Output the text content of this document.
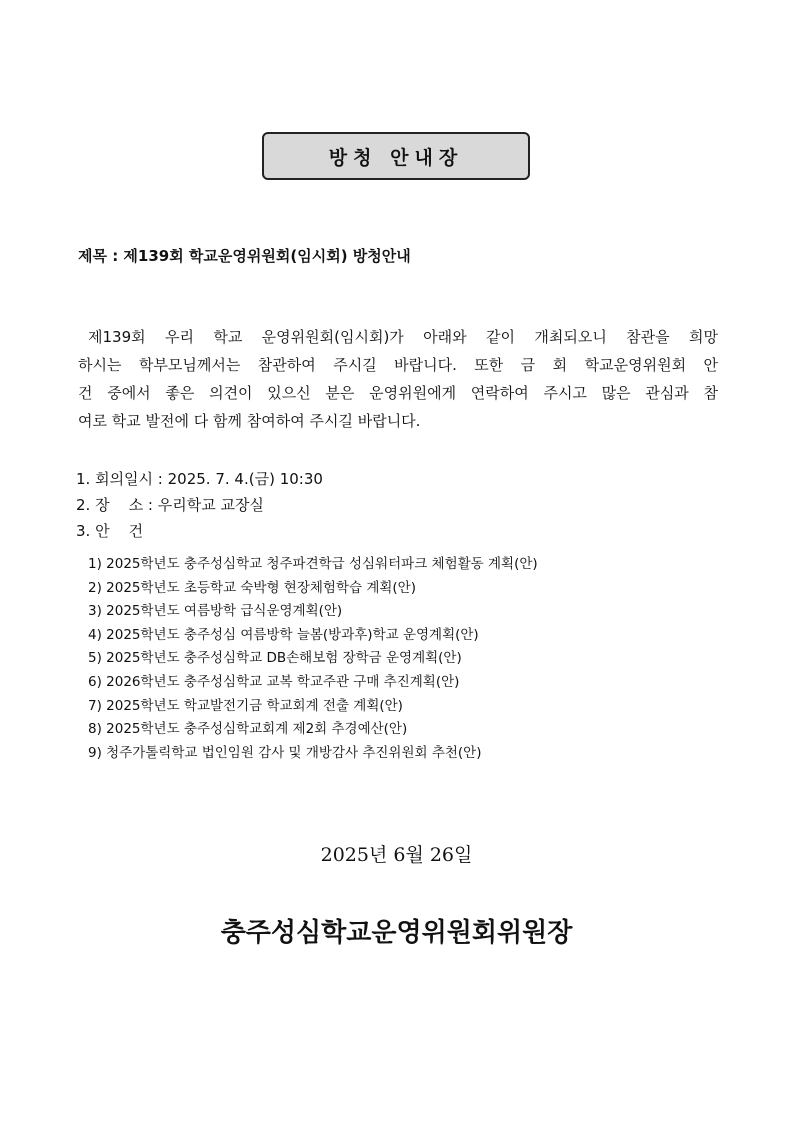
방청 안내장
제목 : 제139회 학교운영위원회(임시회) 방청안내
제139회 우리 학교 운영위원회(임시회)가 아래와 같이 개최되오니 참관을 희망
하시는 학부모님께서는 참관하여 주시길 바랍니다. 또한 금 회 학교운영위원회 안
건 중에서 좋은 의견이 있으신 분은 운영위원에게 연락하여 주시고 많은 관심과 참
여로 학교 발전에 다 함께 참여하여 주시길 바랍니다.
1. 회의일시 : 2025. 7. 4.(금) 10:30
2. 장    소 : 우리학교 교장실
3. 안    건
1) 2025학년도 충주성심학교 청주파견학급 성심워터파크 체험활동 계획(안)
2) 2025학년도 초등학교 숙박형 현장체험학습 계획(안)
3) 2025학년도 여름방학 급식운영계획(안)
4) 2025학년도 충주성심 여름방학 늘봄(방과후)학교 운영계획(안)
5) 2025학년도 충주성심학교 DB손해보험 장학금 운영계획(안)
6) 2026학년도 충주성심학교 교복 학교주관 구매 추진계획(안)
7) 2025학년도 학교발전기금 학교회계 전출 계획(안)
8) 2025학년도 충주성심학교회계 제2회 추경예산(안)
9) 청주가톨릭학교 법인임원 감사 및 개방감사 추진위원회 추천(안)
2025년 6월 26일
충주성심학교운영위원회위원장
